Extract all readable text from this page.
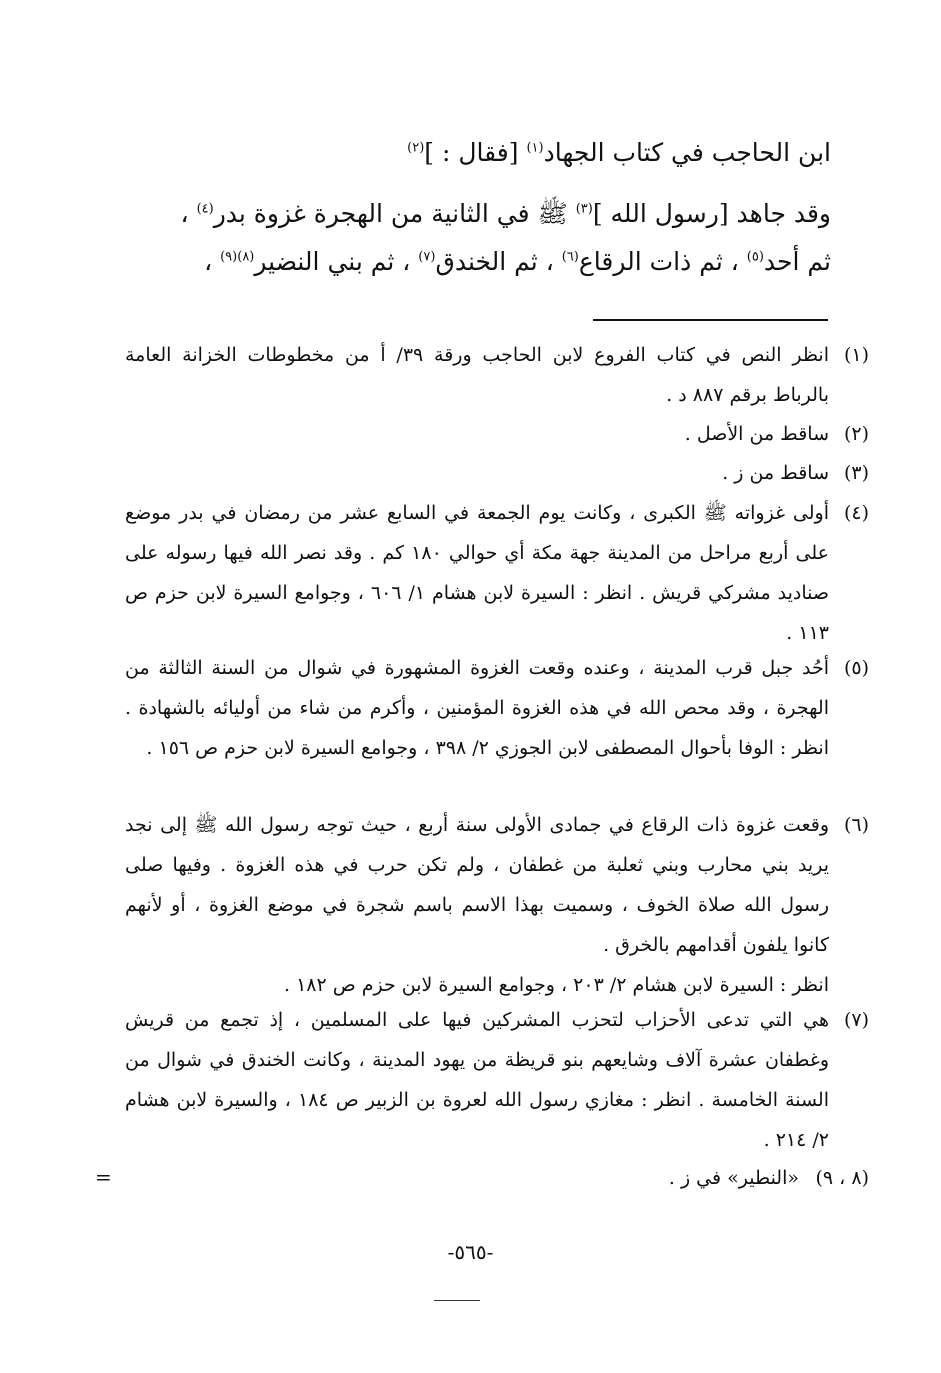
ابن الحاجب في كتاب الجهاد$^{(١)}$ [فقال : ]$^{(٢)}$
وقد جاهد [رسول الله ]$^{(٣)}$ ﷺ في الثانية من الهجرة غزوة بدر$^{(٤)}$ ،
ثم أحد$^{(٥)}$ ، ثم ذات الرقاع$^{(٦)}$ ، ثم الخندق$^{(٧)}$ ، ثم بني النضير$^{(٨)(٩)}$ ،
(١)
انظر النص في كتاب الفروع لابن الحاجب ورقة ٣٩/ أ من مخطوطات الخزانة العامة بالرباط برقم ٨٨٧ د .
(٢)
ساقط من الأصل .
(٣)
ساقط من ز .
(٤)
أولى غزواته ﷺ الكبرى ، وكانت يوم الجمعة في السابع عشر من رمضان في بدر موضع على أربع مراحل من المدينة جهة مكة أي حوالي ١٨٠ كم . وقد نصر الله فيها رسوله على صناديد مشركي قريش . انظر : السيرة لابن هشام ١/ ٦٠٦ ، وجوامع السيرة لابن حزم ص ١١٣ .
(٥)
أحُد جبل قرب المدينة ، وعنده وقعت الغزوة المشهورة في شوال من السنة الثالثة من الهجرة ، وقد محص الله في هذه الغزوة المؤمنين ، وأكرم من شاء من أوليائه بالشهادة . انظر : الوفا بأحوال المصطفى لابن الجوزي ٢/ ٣٩٨ ، وجوامع السيرة لابن حزم ص ١٥٦ .
(٦)
وقعت غزوة ذات الرقاع في جمادى الأولى سنة أربع ، حيث توجه رسول الله ﷺ إلى نجد يريد بني محارب وبني ثعلبة من غطفان ، ولم تكن حرب في هذه الغزوة . وفيها صلى رسول الله صلاة الخوف ، وسميت بهذا الاسم باسم شجرة في موضع الغزوة ، أو لأنهم كانوا يلفون أقدامهم بالخرق .
انظر : السيرة لابن هشام ٢/ ٢٠٣ ، وجوامع السيرة لابن حزم ص ١٨٢ .
(٧)
هي التي تدعى الأحزاب لتحزب المشركين فيها على المسلمين ، إذ تجمع من قريش وغطفان عشرة آلاف وشايعهم بنو قريظة من يهود المدينة ، وكانت الخندق في شوال من السنة الخامسة . انظر : مغازي رسول الله لعروة بن الزبير ص ١٨٤ ، والسيرة لابن هشام ٢/ ٢١٤ .
(٨ ، ٩)
«النطير» في ز .
=
-٥٦٥-
